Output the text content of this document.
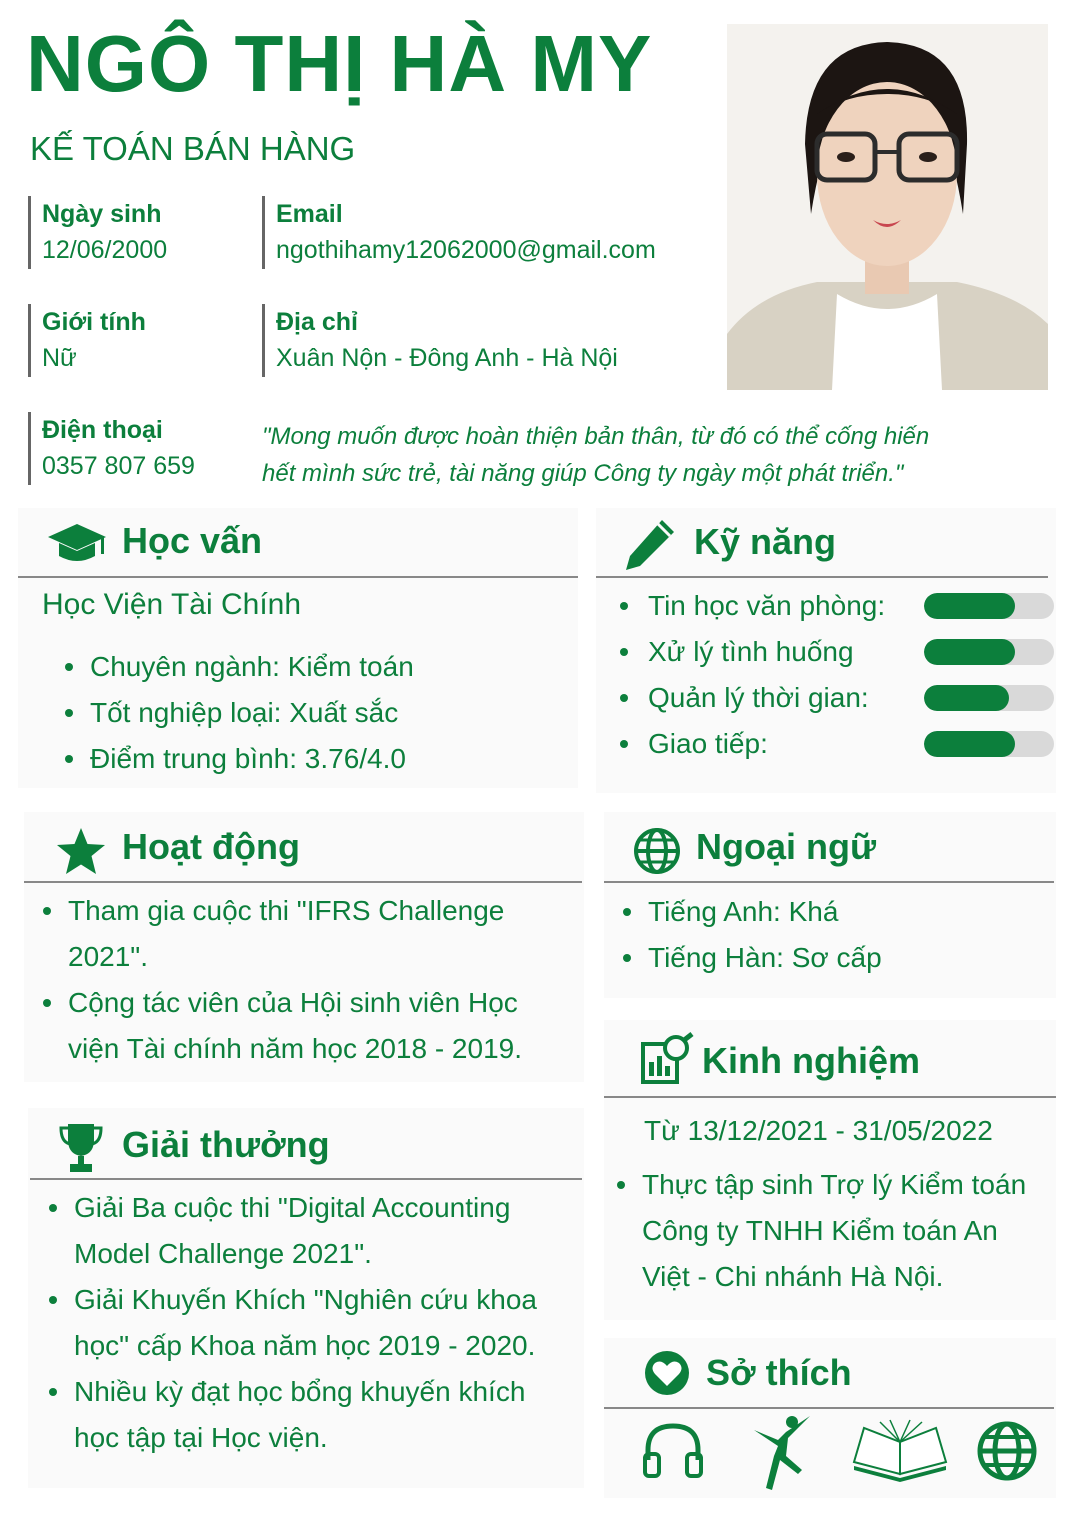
NGÔ THỊ HÀ MY
KẾ TOÁN BÁN HÀNG
Ngày sinh
12/06/2000
Email
ngothihamy12062000@gmail.com
Giới tính
Nữ
Địa chỉ
Xuân Nộn - Đông Anh - Hà Nội
Điện thoại
0357 807 659
"Mong muốn được hoàn thiện bản thân, từ đó có thể cống hiến
hết mình sức trẻ, tài năng giúp Công ty ngày một phát triển."
Học vấn
Học Viện Tài Chính
Chuyên ngành: Kiểm toán
Tốt nghiệp loại: Xuất sắc
Điểm trung bình: 3.76/4.0
Kỹ năng
Tin học văn phòng:
Xử lý tình huống
Quản lý thời gian:
Giao tiếp:
Hoạt động
Tham gia cuộc thi "IFRS Challenge
2021".
Cộng tác viên của Hội sinh viên Học
viện Tài chính năm học 2018 - 2019.
Ngoại ngữ
Tiếng Anh: Khá
Tiếng Hàn: Sơ cấp
Kinh nghiệm
Từ 13/12/2021 - 31/05/2022
Thực tập sinh Trợ lý Kiểm toán
Công ty TNHH Kiểm toán An
Việt - Chi nhánh Hà Nội.
Giải thưởng
Giải Ba cuộc thi "Digital Accounting
Model Challenge 2021".
Giải Khuyến Khích "Nghiên cứu khoa
học" cấp Khoa năm học 2019 - 2020.
Nhiều kỳ đạt học bổng khuyến khích
học tập tại Học viện.
Sở thích
